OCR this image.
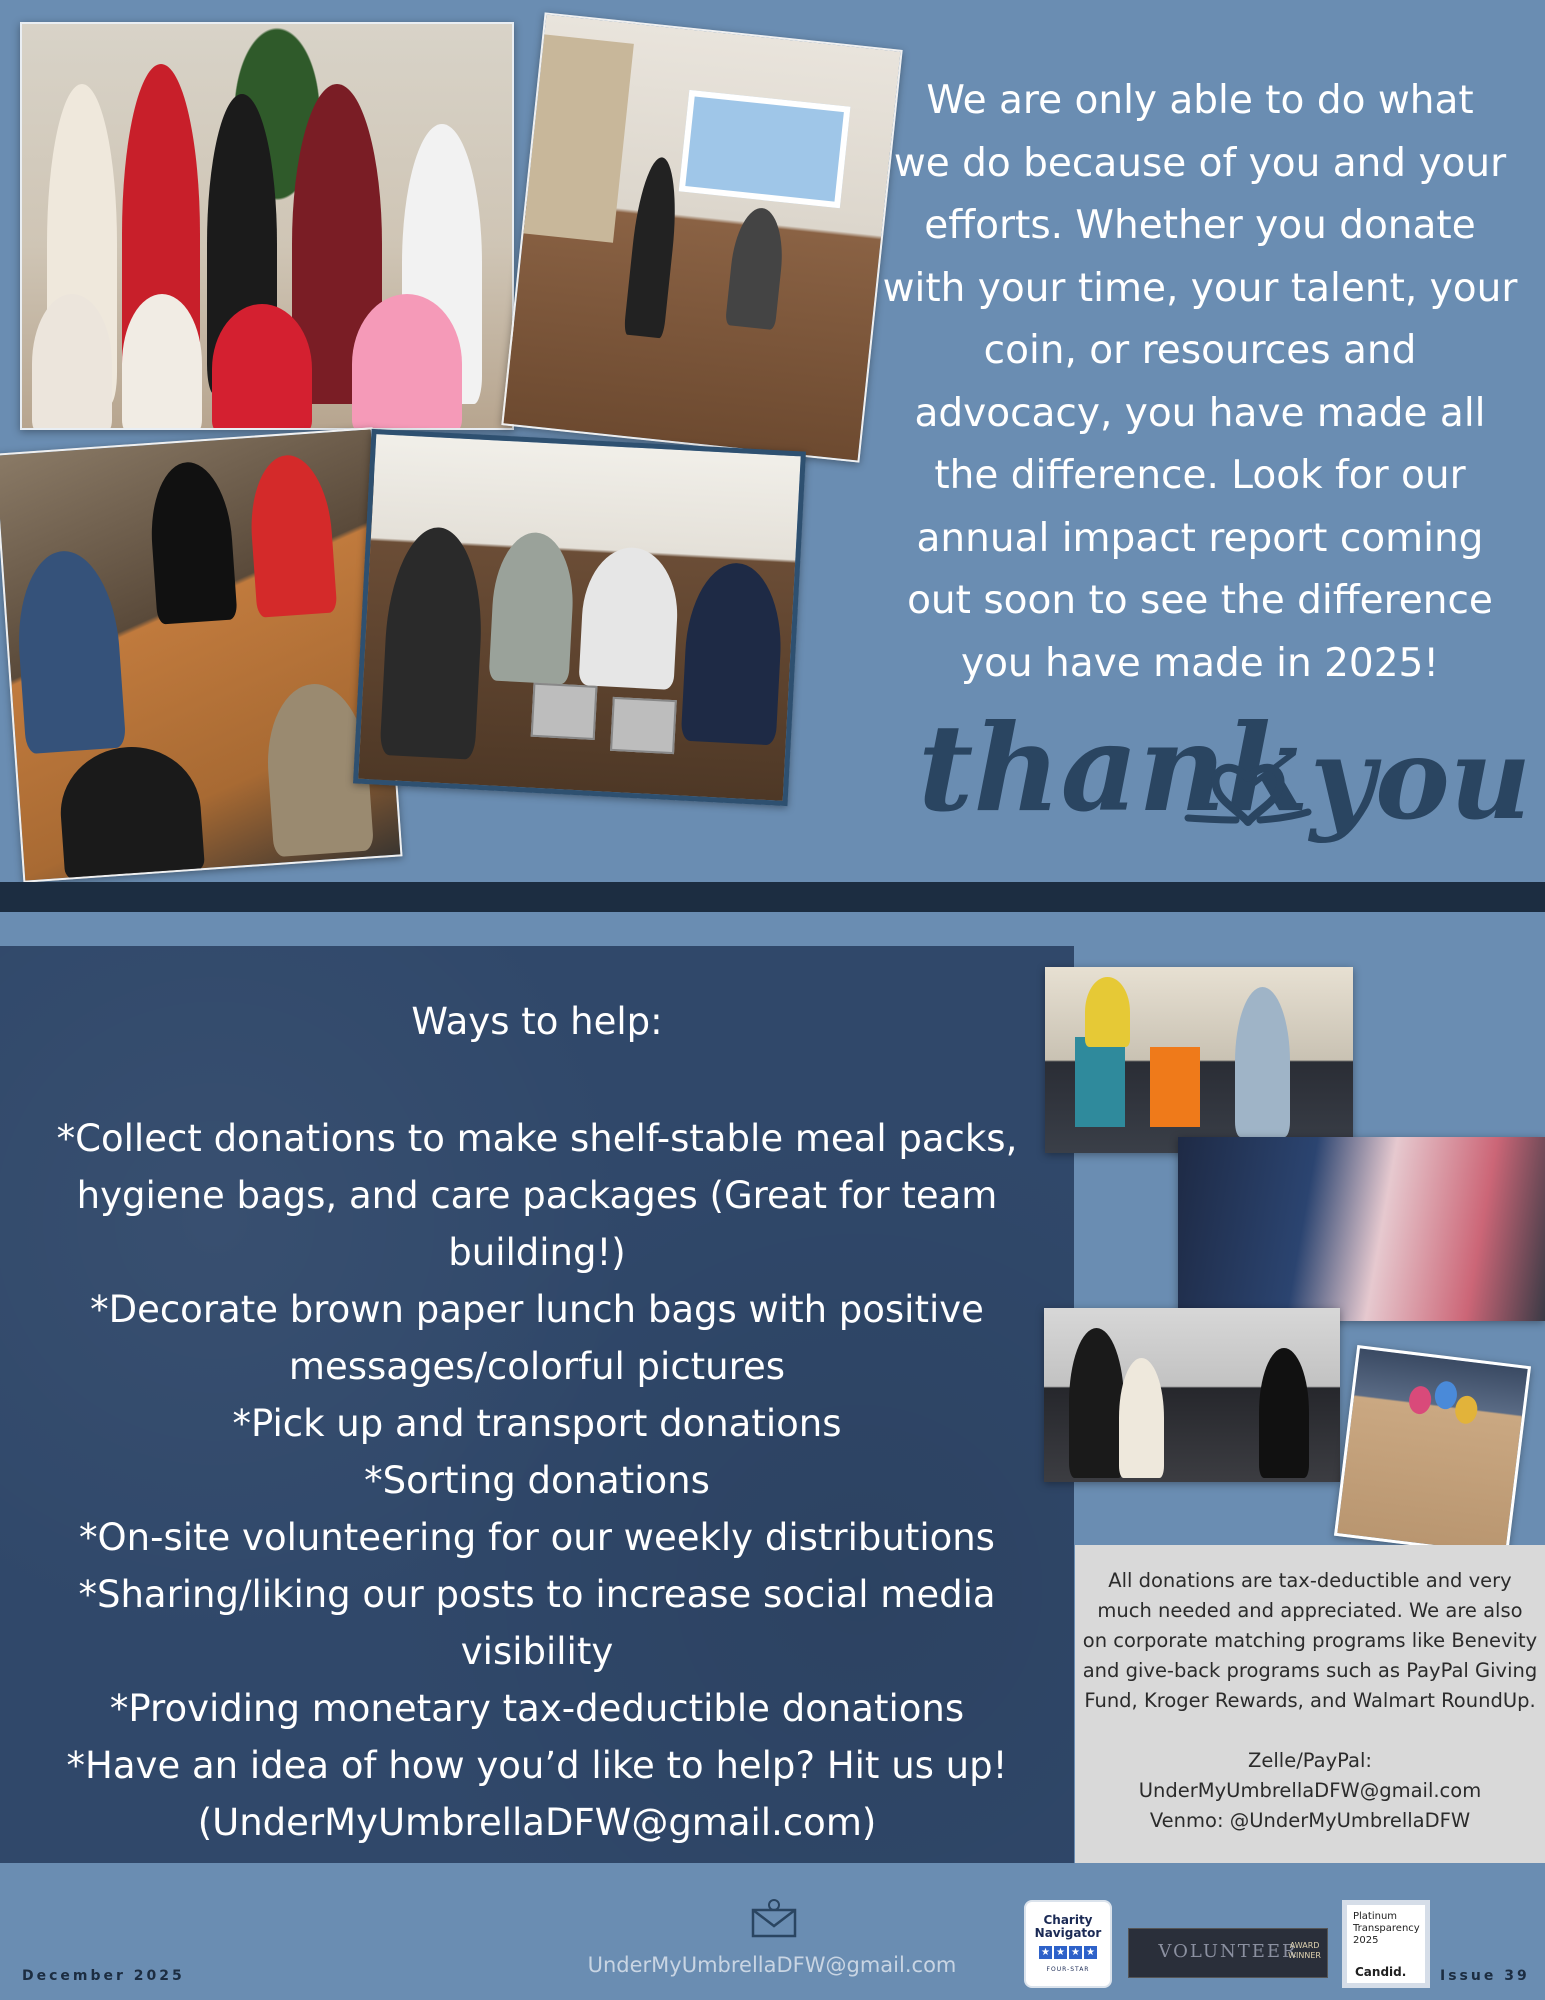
We are only able to do what
we do because of you and your
efforts. Whether you donate
with your time, your talent, your
coin, or resources and
advocacy, you have made all
the difference. Look for our
annual impact report coming
out soon to see the difference
you have made in 2025!
thank you
Ways to help:
*Collect donations to make shelf-stable meal packs,
hygiene bags, and care packages (Great for team
building!)
*Decorate brown paper lunch bags with positive
messages/colorful pictures
*Pick up and transport donations
*Sorting donations
*On-site volunteering for our weekly distributions
*Sharing/liking our posts to increase social media visibility
*Providing monetary tax-deductible donations
*Have an idea of how you’d like to help? Hit us up!
(UnderMyUmbrellaDFW@gmail.com)
All donations are tax-deductible and very
much needed and appreciated. We are also
on corporate matching programs like Benevity
and give-back programs such as PayPal Giving
Fund, Kroger Rewards, and Walmart RoundUp.
Zelle/PayPal:
UnderMyUmbrellaDFW@gmail.com
Venmo: @UnderMyUmbrellaDFW
December 2025	UnderMyUmbrellaDFW@gmail.com
Charity
Navigator
★ ★ ★ ★
FOUR-STAR
VOLUNTEER
AWARD
WINNER
Platinum
Transparency
2025
Candid. Issue 39
